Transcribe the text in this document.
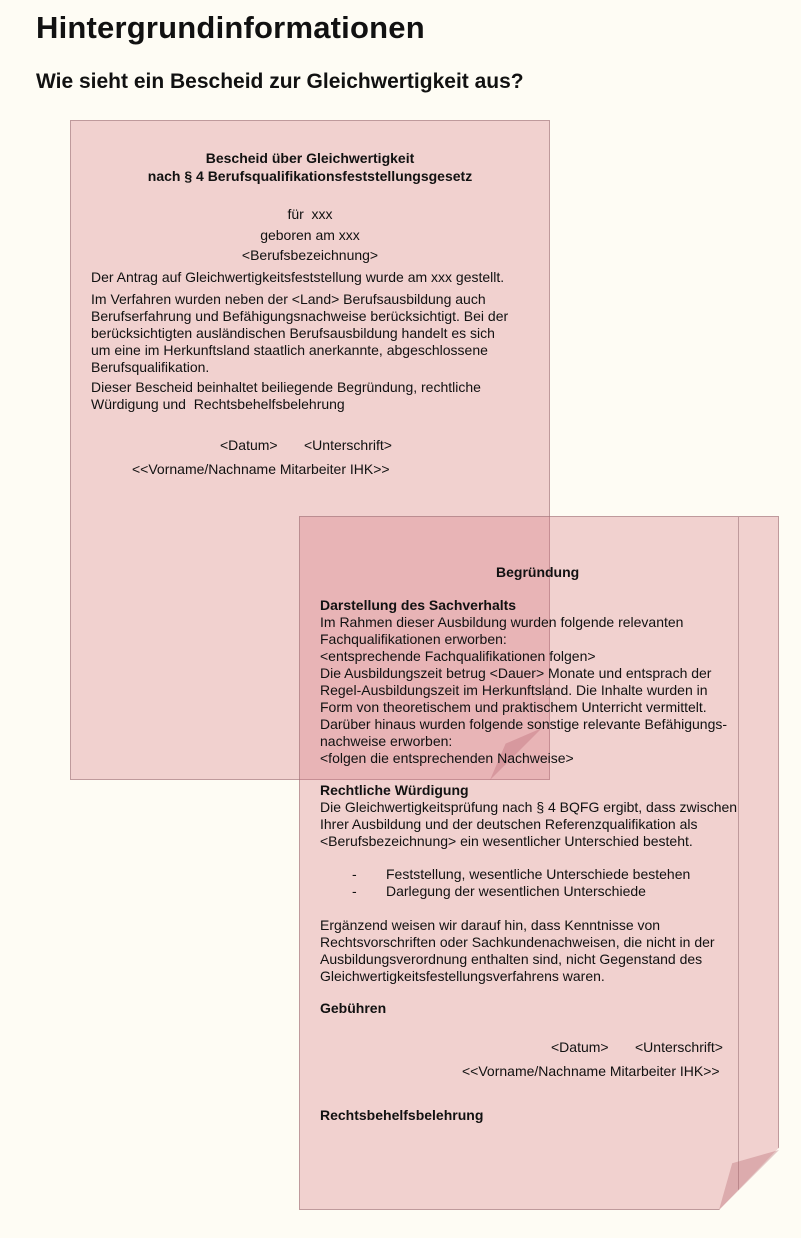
Hintergrundinformationen
Wie sieht ein Bescheid zur Gleichwertigkeit aus?

Bescheid über Gleichwertigkeit

nach § 4 Berufsqualifikationsfeststellungsgesetz

für  xxx

geboren am xxx

<Berufsbezeichnung>

Der Antrag auf Gleichwertigkeitsfeststellung wurde am xxx gestellt.

Im Verfahren wurden neben der <Land> Berufsausbildung auch

Berufserfahrung und Befähigungsnachweise berücksichtigt. Bei der

berücksichtigten ausländischen Berufsausbildung handelt es sich

um eine im Herkunftsland staatlich anerkannte, abgeschlossene

Berufsqualifikation.

Dieser Bescheid beinhaltet beiliegende Begründung, rechtliche

Würdigung und  Rechtsbehelfsbelehrung

<Datum> <Unterschrift>

<<Vorname/Nachname Mitarbeiter IHK>>

Begründung

Darstellung des Sachverhalts

Im Rahmen dieser Ausbildung wurden folgende relevanten

Fachqualifikationen erworben:

<entsprechende Fachqualifikationen folgen>

Die Ausbildungszeit betrug <Dauer> Monate und entsprach der

Regel-Ausbildungszeit im Herkunftsland. Die Inhalte wurden in

Form von theoretischem und praktischem Unterricht vermittelt.

Darüber hinaus wurden folgende sonstige relevante Befähigungs-

nachweise erworben:

<folgen die entsprechenden Nachweise>

Rechtliche Würdigung

Die Gleichwertigkeitsprüfung nach § 4 BQFG ergibt, dass zwischen

Ihrer Ausbildung und der deutschen Referenzqualifikation als

<Berufsbezeichnung> ein wesentlicher Unterschied besteht.

- Feststellung, wesentliche Unterschiede bestehen

- Darlegung der wesentlichen Unterschiede

Ergänzend weisen wir darauf hin, dass Kenntnisse von

Rechtsvorschriften oder Sachkundenachweisen, die nicht in der

Ausbildungsverordnung enthalten sind, nicht Gegenstand des

Gleichwertigkeitsfestellungsverfahrens waren.

Gebühren

<Datum> <Unterschrift>

<<Vorname/Nachname Mitarbeiter IHK>>

Rechtsbehelfsbelehrung
